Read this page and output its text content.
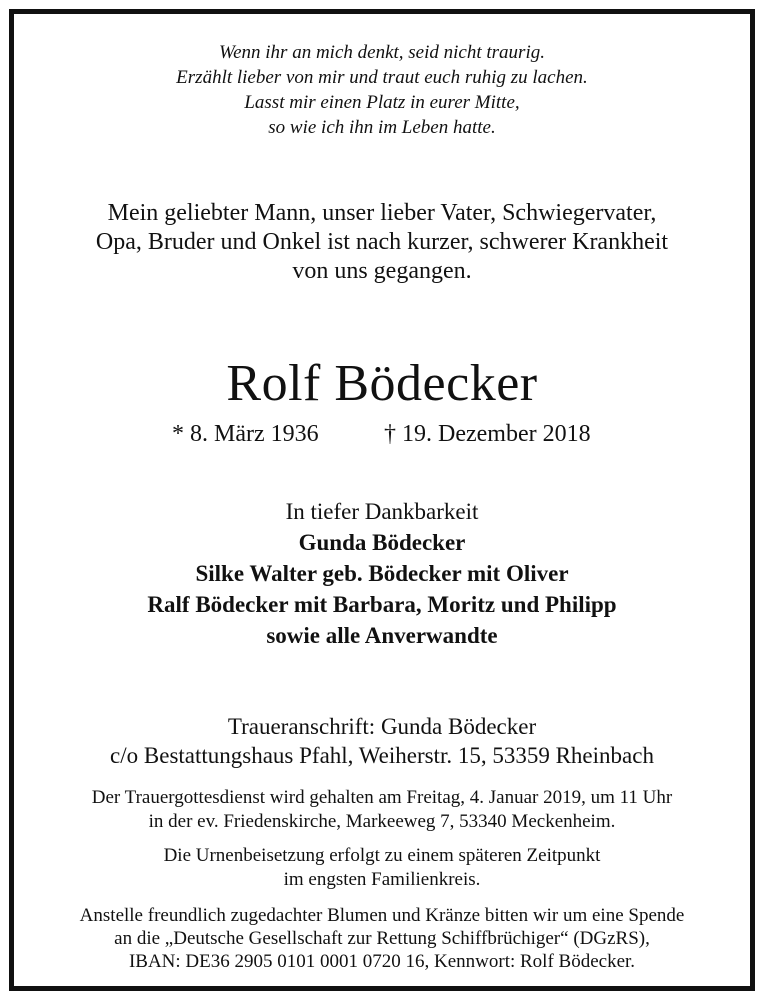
Wenn ihr an mich denkt, seid nicht traurig.
Erzählt lieber von mir und traut euch ruhig zu lachen.
Lasst mir einen Platz in eurer Mitte,
so wie ich ihn im Leben hatte.
Mein geliebter Mann, unser lieber Vater, Schwiegervater,
Opa, Bruder und Onkel ist nach kurzer, schwerer Krankheit
von uns gegangen.
Rolf Bödecker
* 8. März 1936	† 19. Dezember 2018
In tiefer Dankbarkeit
Gunda Bödecker
Silke Walter geb. Bödecker mit Oliver
Ralf Bödecker mit Barbara, Moritz und Philipp
sowie alle Anverwandte
Traueranschrift: Gunda Bödecker
c/o Bestattungshaus Pfahl, Weiherstr. 15, 53359 Rheinbach
Der Trauergottesdienst wird gehalten am Freitag, 4. Januar 2019, um 11 Uhr
in der ev. Friedenskirche, Markeeweg 7, 53340 Meckenheim.
Die Urnenbeisetzung erfolgt zu einem späteren Zeitpunkt
im engsten Familienkreis.
Anstelle freundlich zugedachter Blumen und Kränze bitten wir um eine Spende
an die „Deutsche Gesellschaft zur Rettung Schiffbrüchiger“ (DGzRS),
IBAN: DE36 2905 0101 0001 0720 16, Kennwort: Rolf Bödecker.
